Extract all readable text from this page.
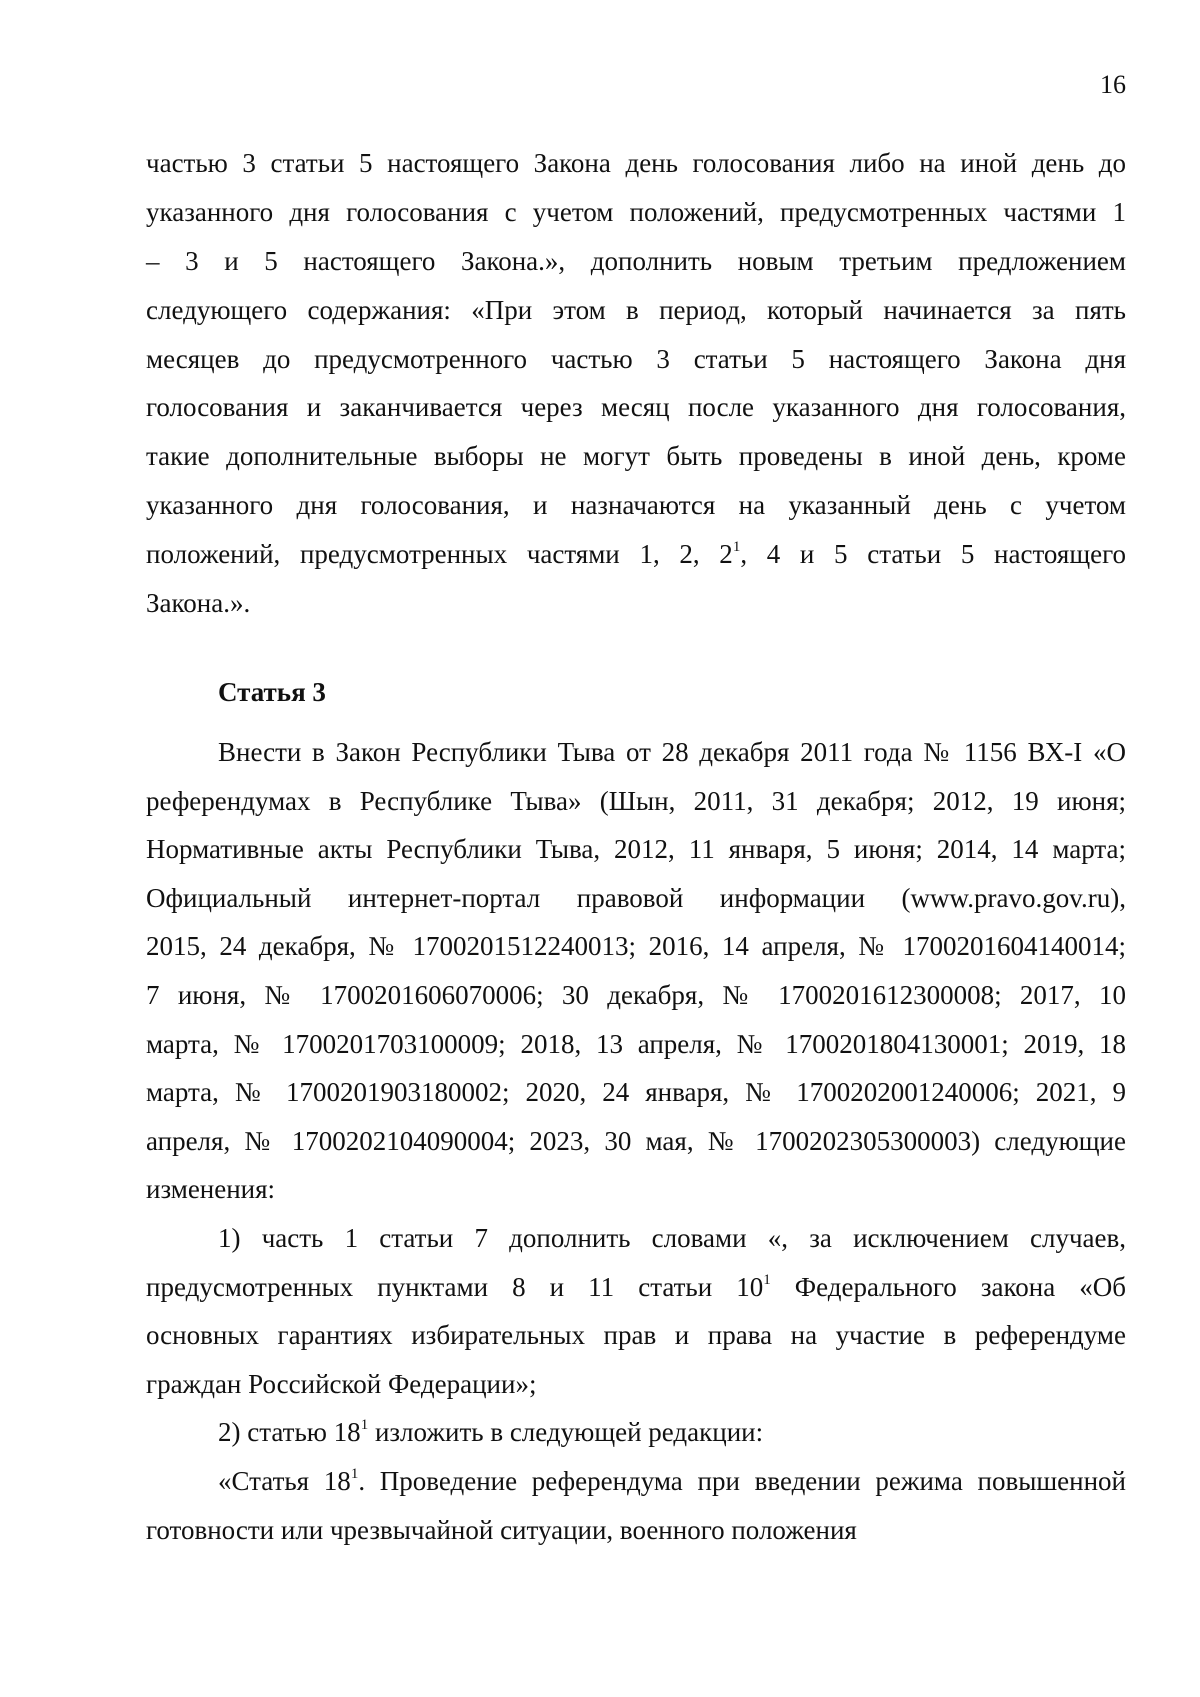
16
частью 3 статьи 5 настоящего Закона день голосования либо на иной день до
указанного дня голосования с учетом положений, предусмотренных частями 1
– 3 и 5 настоящего Закона.», дополнить новым третьим предложением
следующего содержания: «При этом в период, который начинается за пять
месяцев до предусмотренного частью 3 статьи 5 настоящего Закона дня
голосования и заканчивается через месяц после указанного дня голосования,
такие дополнительные выборы не могут быть проведены в иной день, кроме
указанного дня голосования, и назначаются на указанный день с учетом
положений, предусмотренных частями 1, 2, $2^1$, 4 и 5 статьи 5 настоящего
Закона.».
Статья 3
Внести в Закон Республики Тыва от 28 декабря 2011 года № 1156 ВХ-I «О
референдумах в Республике Тыва» (Шын, 2011, 31 декабря; 2012, 19 июня;
Нормативные акты Республики Тыва, 2012, 11 января, 5 июня; 2014, 14 марта;
Официальный интернет-портал правовой информации (www.pravo.gov.ru),
2015, 24 декабря, № 1700201512240013; 2016, 14 апреля, № 1700201604140014;
7 июня, № 1700201606070006; 30 декабря, № 1700201612300008; 2017, 10
марта, № 1700201703100009; 2018, 13 апреля, № 1700201804130001; 2019, 18
марта, № 1700201903180002; 2020, 24 января, № 1700202001240006; 2021, 9
апреля, № 1700202104090004; 2023, 30 мая, № 1700202305300003) следующие
изменения:
1) часть 1 статьи 7 дополнить словами «, за исключением случаев,
предусмотренных пунктами 8 и 11 статьи $10^1$ Федерального закона «Об
основных гарантиях избирательных прав и права на участие в референдуме
граждан Российской Федерации»;
2) статью $18^1$ изложить в следующей редакции:
«Статья $18^1$. Проведение референдума при введении режима повышенной
готовности или чрезвычайной ситуации, военного положения
